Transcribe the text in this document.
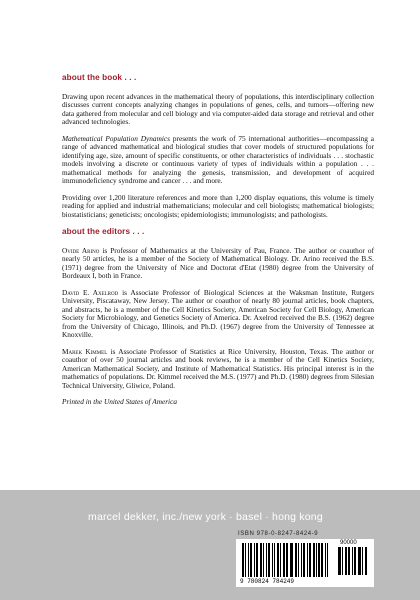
about the book . . .

Drawing upon recent advances in the mathematical theory of populations, this interdisciplinary collection discusses current concepts analyzing changes in populations of genes, cells, and tumors—offering new data gathered from molecular and cell biology and via computer-aided data storage and retrieval and other advanced technologies.

Mathematical Population Dynamics presents the work of 75 international authorities—encompassing a range of advanced mathematical and biological studies that cover models of structured populations for identifying age, size, amount of specific constituents, or other characteristics of individuals . . . stochastic models involving a discrete or continuous variety of types of individuals within a population . . . mathematical methods for analyzing the genesis, transmission, and development of acquired immunodeficiency syndrome and cancer . . . and more.

Providing over 1,200 literature references and more than 1,200 display equations, this volume is timely reading for applied and industrial mathematicians; molecular and cell biologists; mathematical biologists; biostatisticians; geneticists; oncologists; epidemiologists; immunologists; and pathologists.

about the editors . . .

Ovide Arino is Professor of Mathematics at the University of Pau, France. The author or coauthor of nearly 50 articles, he is a member of the Society of Mathematical Biology. Dr. Arino received the B.S. (1971) degree from the University of Nice and Doctorat d'Etat (1980) degree from the University of Bordeaux I, both in France.

David E. Axelrod is Associate Professor of Biological Sciences at the Waksman Institute, Rutgers University, Piscataway, New Jersey. The author or coauthor of nearly 80 journal articles, book chapters, and abstracts, he is a member of the Cell Kinetics Society, American Society for Cell Biology, American Society for Microbiology, and Genetics Society of America. Dr. Axelrod received the B.S. (1962) degree from the University of Chicago, Illinois, and Ph.D. (1967) degree from the University of Tennessee at Knoxville.

Marek Kimmel is Associate Professor of Statistics at Rice University, Houston, Texas. The author or coauthor of over 50 journal articles and book reviews, he is a member of the Cell Kinetics Society, American Mathematical Society, and Institute of Mathematical Statistics. His principal interest is in the mathematics of populations. Dr. Kimmel received the M.S. (1977) and Ph.D. (1980) degrees from Silesian Technical University, Gliwice, Poland.

Printed in the United States of America

marcel dekker, inc./new york · basel · hong kong
ISBN 978-0-8247-8424-9
90000
9 780824 784249
